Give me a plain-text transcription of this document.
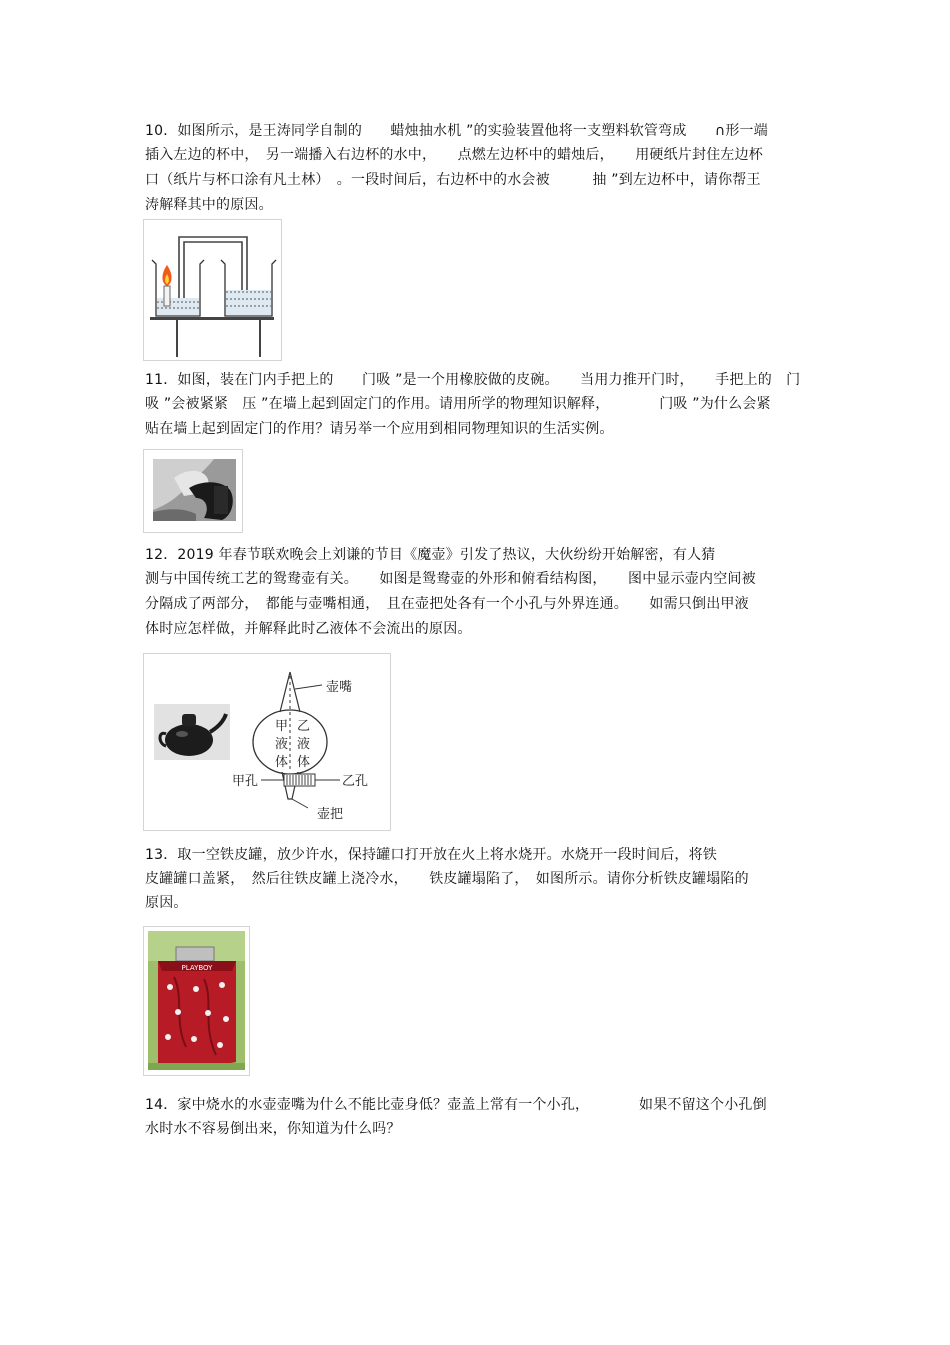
10．如图所示，是王涛同学自制的　　蜡烛抽水机 ”的实验装置他将一支塑料软管弯成　　∩形一端
插入左边的杯中，　另一端播入右边杯的水中，　　点燃左边杯中的蜡烛后，　　用硬纸片封住左边杯
口（纸片与杯口涂有凡土林）　。一段时间后，右边杯中的水会被　　　抽 ”到左边杯中，请你帮王
涛解释其中的原因。
11．如图，装在门内手把上的　　门吸 ”是一个用橡胶做的皮碗。　　当用力推开门时，　　手把上的　门
吸 ”会被紧紧　压 ”在墙上起到固定门的作用。请用所学的物理知识解释，　　　　门吸 ”为什么会紧
贴在墙上起到固定门的作用？请另举一个应用到相同物理知识的生活实例。
12．2019 年春节联欢晚会上刘谦的节目《魔壶》引发了热议，大伙纷纷开始解密，有人猜
测与中国传统工艺的鸳鸯壶有关。　　如图是鸳鸯壶的外形和俯看结构图，　　图中显示壶内空间被
分隔成了两部分，　都能与壶嘴相通，　且在壶把处各有一个小孔与外界连通。　　如需只倒出甲液
体时应怎样做，并解释此时乙液体不会流出的原因。
壶嘴
甲
液
体
乙
液
体
甲孔	乙孔
壶把
13．取一空铁皮罐，放少许水，保持罐口打开放在火上将水烧开。水烧开一段时间后，将铁
皮罐罐口盖紧，　然后往铁皮罐上浇冷水，　　铁皮罐塌陷了，　如图所示。请你分析铁皮罐塌陷的
原因。
PLAYBOY
14．家中烧水的水壶壶嘴为什么不能比壶身低？壶盖上常有一个小孔，　　　　如果不留这个小孔倒
水时水不容易倒出来，你知道为什么吗？
